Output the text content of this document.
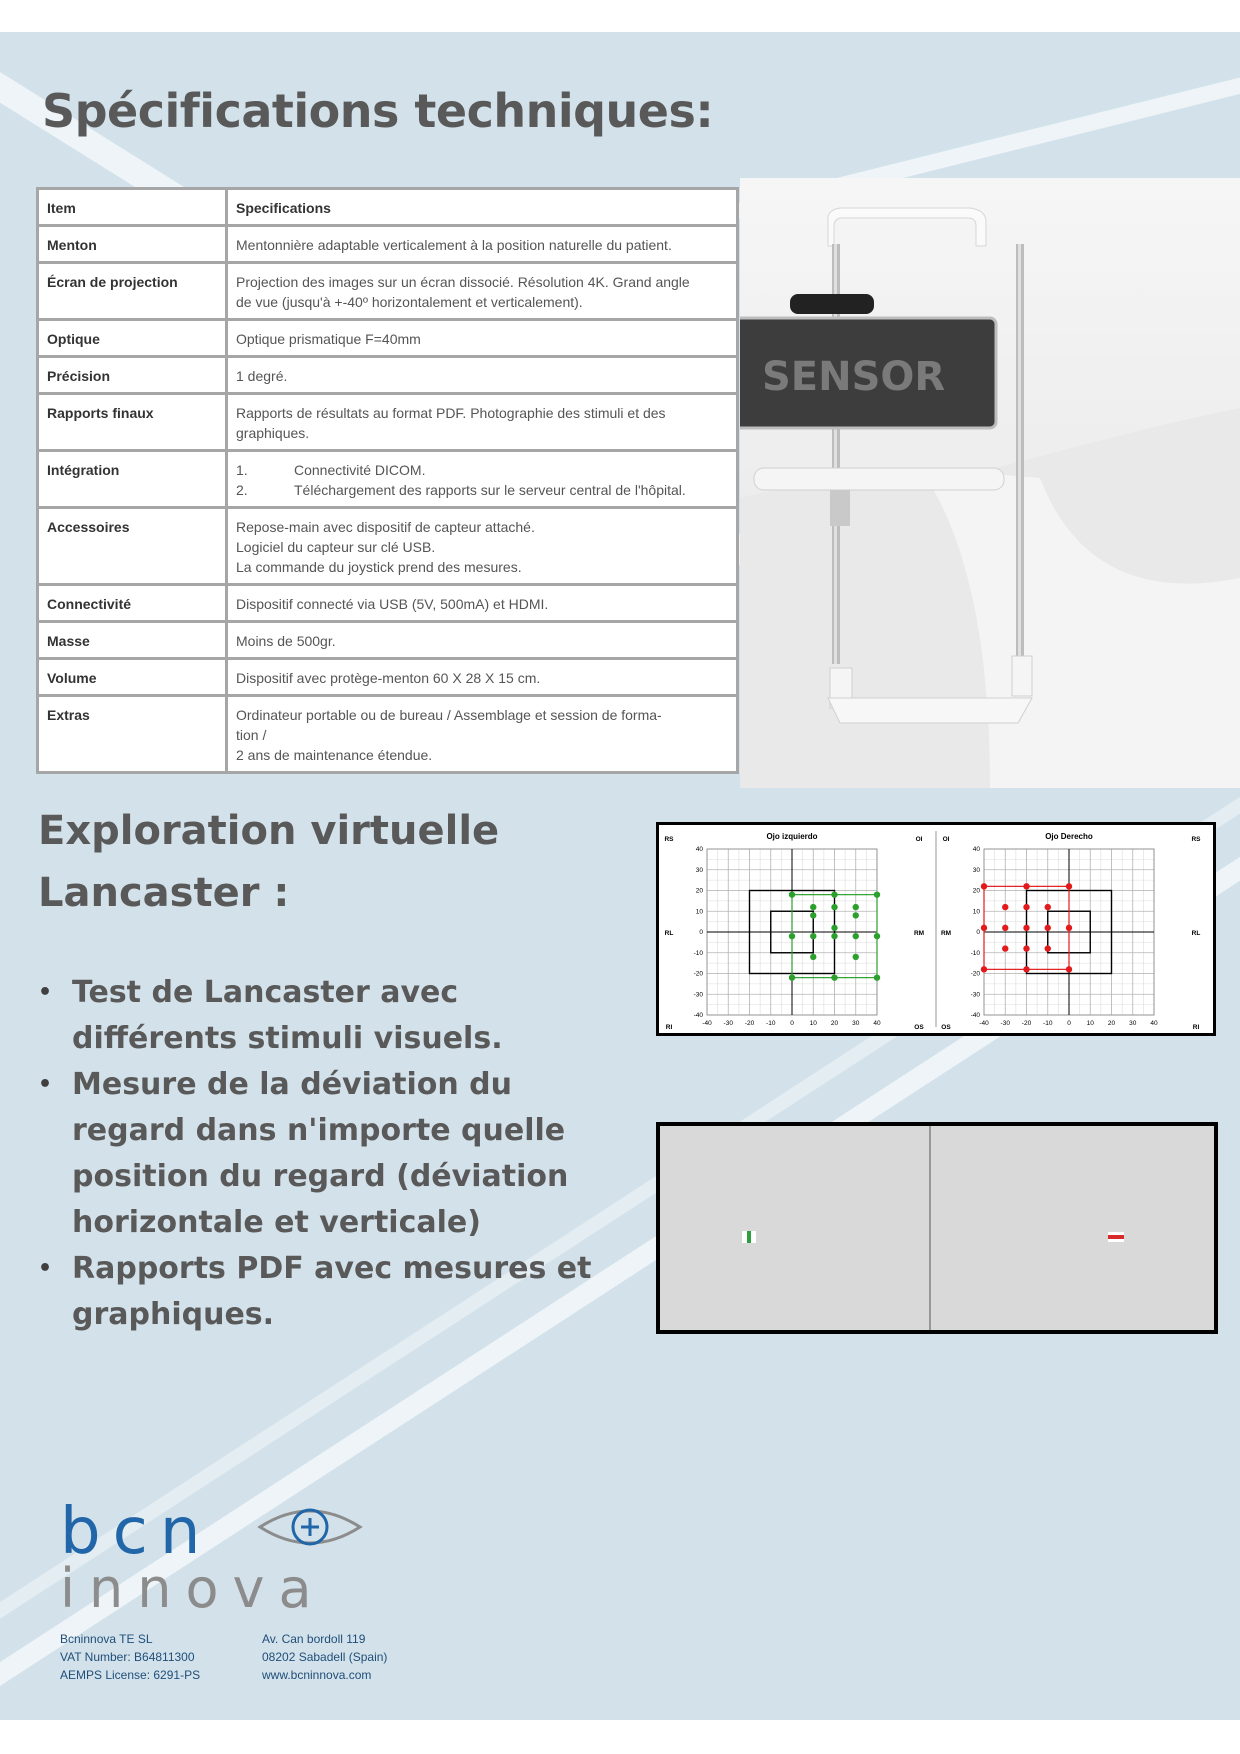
Spécifications techniques:
SENSOR
Item	Specifications
Menton	Mentonnière adaptable verticalement à la position naturelle du patient.

Écran de projection	Projection des images sur un écran dissocié. Résolution 4K. Grand angle
de vue (jusqu'à +-40º horizontalement et verticalement).

Optique	Optique prismatique F=40mm

Précision	1 degré.

Rapports finaux	Rapports de résultats au format PDF. Photographie des stimuli et des
graphiques.

Intégration	1. Connectivité DICOM.
2. Téléchargement des rapports sur le serveur central de l'hôpital.

Accessoires	Repose-main avec dispositif de capteur attaché.
Logiciel du capteur sur clé USB.
La commande du joystick prend des mesures.

Connectivité	Dispositif connecté via USB (5V, 500mA) et HDMI.

Masse	Moins de 500gr.

Volume	Dispositif avec protège-menton 60 X 28 X 15 cm.

Extras	Ordinateur portable ou de bureau / Assemblage et session de forma-
tion /
2 ans de maintenance étendue.
Exploration virtuelle
Lancaster :
• Test de Lancaster avec différents stimuli visuels.
• Mesure de la déviation du regard dans n'importe quelle position du regard (déviation horizontale et verticale)
• Rapports PDF avec mesures et graphiques.
Ojo izquierdo
-40 -30 -20 -10 0 10 20 30 40
40
30
20
10
0
-10
-20
-30
-40
RS	OI
RI	OS
RL	RM
Ojo Derecho
-40 -30 -20 -10 0 10 20 30 40
40
30
20
10
0
-10
-20
-30
-40
OI	RS
OS	RI
RM	RL
bcn
innova
Bcninnova TE SL
VAT Number: B64811300
AEMPS License: 6291-PS
Av. Can bordoll 119
08202 Sabadell (Spain)
www.bcninnova.com
